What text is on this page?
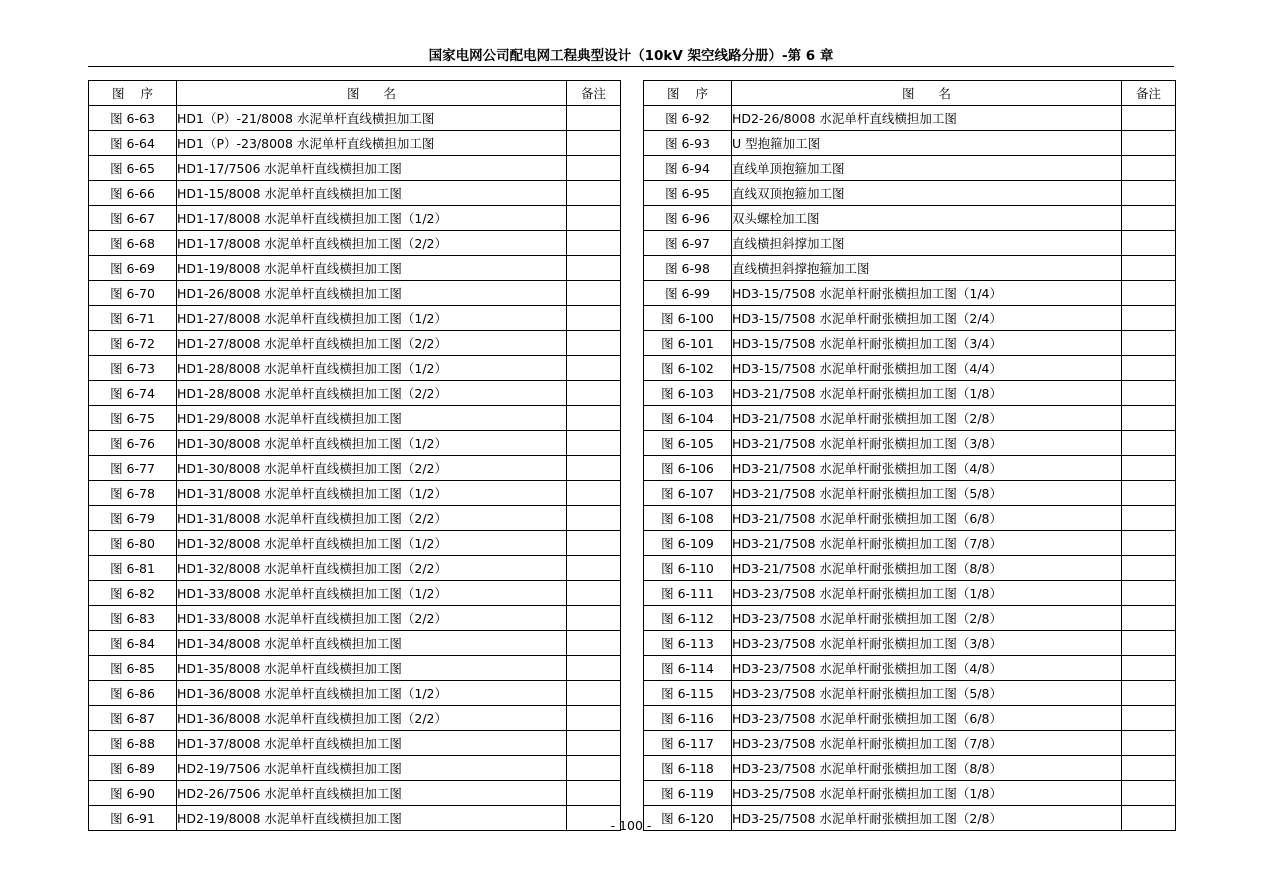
国家电网公司配电网工程典型设计（10kV 架空线路分册）-第 6 章
图 序	图 名	备注
图 6-63	HD1（P）-21/8008 水泥单杆直线横担加工图	
图 6-64	HD1（P）-23/8008 水泥单杆直线横担加工图	
图 6-65	HD1-17/7506 水泥单杆直线横担加工图	
图 6-66	HD1-15/8008 水泥单杆直线横担加工图	
图 6-67	HD1-17/8008 水泥单杆直线横担加工图（1/2）	
图 6-68	HD1-17/8008 水泥单杆直线横担加工图（2/2）	
图 6-69	HD1-19/8008 水泥单杆直线横担加工图	
图 6-70	HD1-26/8008 水泥单杆直线横担加工图	
图 6-71	HD1-27/8008 水泥单杆直线横担加工图（1/2）	
图 6-72	HD1-27/8008 水泥单杆直线横担加工图（2/2）	
图 6-73	HD1-28/8008 水泥单杆直线横担加工图（1/2）	
图 6-74	HD1-28/8008 水泥单杆直线横担加工图（2/2）	
图 6-75	HD1-29/8008 水泥单杆直线横担加工图	
图 6-76	HD1-30/8008 水泥单杆直线横担加工图（1/2）	
图 6-77	HD1-30/8008 水泥单杆直线横担加工图（2/2）	
图 6-78	HD1-31/8008 水泥单杆直线横担加工图（1/2）	
图 6-79	HD1-31/8008 水泥单杆直线横担加工图（2/2）	
图 6-80	HD1-32/8008 水泥单杆直线横担加工图（1/2）	
图 6-81	HD1-32/8008 水泥单杆直线横担加工图（2/2）	
图 6-82	HD1-33/8008 水泥单杆直线横担加工图（1/2）	
图 6-83	HD1-33/8008 水泥单杆直线横担加工图（2/2）	
图 6-84	HD1-34/8008 水泥单杆直线横担加工图	
图 6-85	HD1-35/8008 水泥单杆直线横担加工图	
图 6-86	HD1-36/8008 水泥单杆直线横担加工图（1/2）	
图 6-87	HD1-36/8008 水泥单杆直线横担加工图（2/2）	
图 6-88	HD1-37/8008 水泥单杆直线横担加工图	
图 6-89	HD2-19/7506 水泥单杆直线横担加工图	
图 6-90	HD2-26/7506 水泥单杆直线横担加工图	
图 6-91	HD2-19/8008 水泥单杆直线横担加工图	
图 序	图 名	备注
图 6-92	HD2-26/8008 水泥单杆直线横担加工图	
图 6-93	U 型抱箍加工图	
图 6-94	直线单顶抱箍加工图	
图 6-95	直线双顶抱箍加工图	
图 6-96	双头螺栓加工图	
图 6-97	直线横担斜撑加工图	
图 6-98	直线横担斜撑抱箍加工图	
图 6-99	HD3-15/7508 水泥单杆耐张横担加工图（1/4）	
图 6-100	HD3-15/7508 水泥单杆耐张横担加工图（2/4）	
图 6-101	HD3-15/7508 水泥单杆耐张横担加工图（3/4）	
图 6-102	HD3-15/7508 水泥单杆耐张横担加工图（4/4）	
图 6-103	HD3-21/7508 水泥单杆耐张横担加工图（1/8）	
图 6-104	HD3-21/7508 水泥单杆耐张横担加工图（2/8）	
图 6-105	HD3-21/7508 水泥单杆耐张横担加工图（3/8）	
图 6-106	HD3-21/7508 水泥单杆耐张横担加工图（4/8）	
图 6-107	HD3-21/7508 水泥单杆耐张横担加工图（5/8）	
图 6-108	HD3-21/7508 水泥单杆耐张横担加工图（6/8）	
图 6-109	HD3-21/7508 水泥单杆耐张横担加工图（7/8）	
图 6-110	HD3-21/7508 水泥单杆耐张横担加工图（8/8）	
图 6-111	HD3-23/7508 水泥单杆耐张横担加工图（1/8）	
图 6-112	HD3-23/7508 水泥单杆耐张横担加工图（2/8）	
图 6-113	HD3-23/7508 水泥单杆耐张横担加工图（3/8）	
图 6-114	HD3-23/7508 水泥单杆耐张横担加工图（4/8）	
图 6-115	HD3-23/7508 水泥单杆耐张横担加工图（5/8）	
图 6-116	HD3-23/7508 水泥单杆耐张横担加工图（6/8）	
图 6-117	HD3-23/7508 水泥单杆耐张横担加工图（7/8）	
图 6-118	HD3-23/7508 水泥单杆耐张横担加工图（8/8）	
图 6-119	HD3-25/7508 水泥单杆耐张横担加工图（1/8）	
图 6-120	HD3-25/7508 水泥单杆耐张横担加工图（2/8）	
- 100 -
